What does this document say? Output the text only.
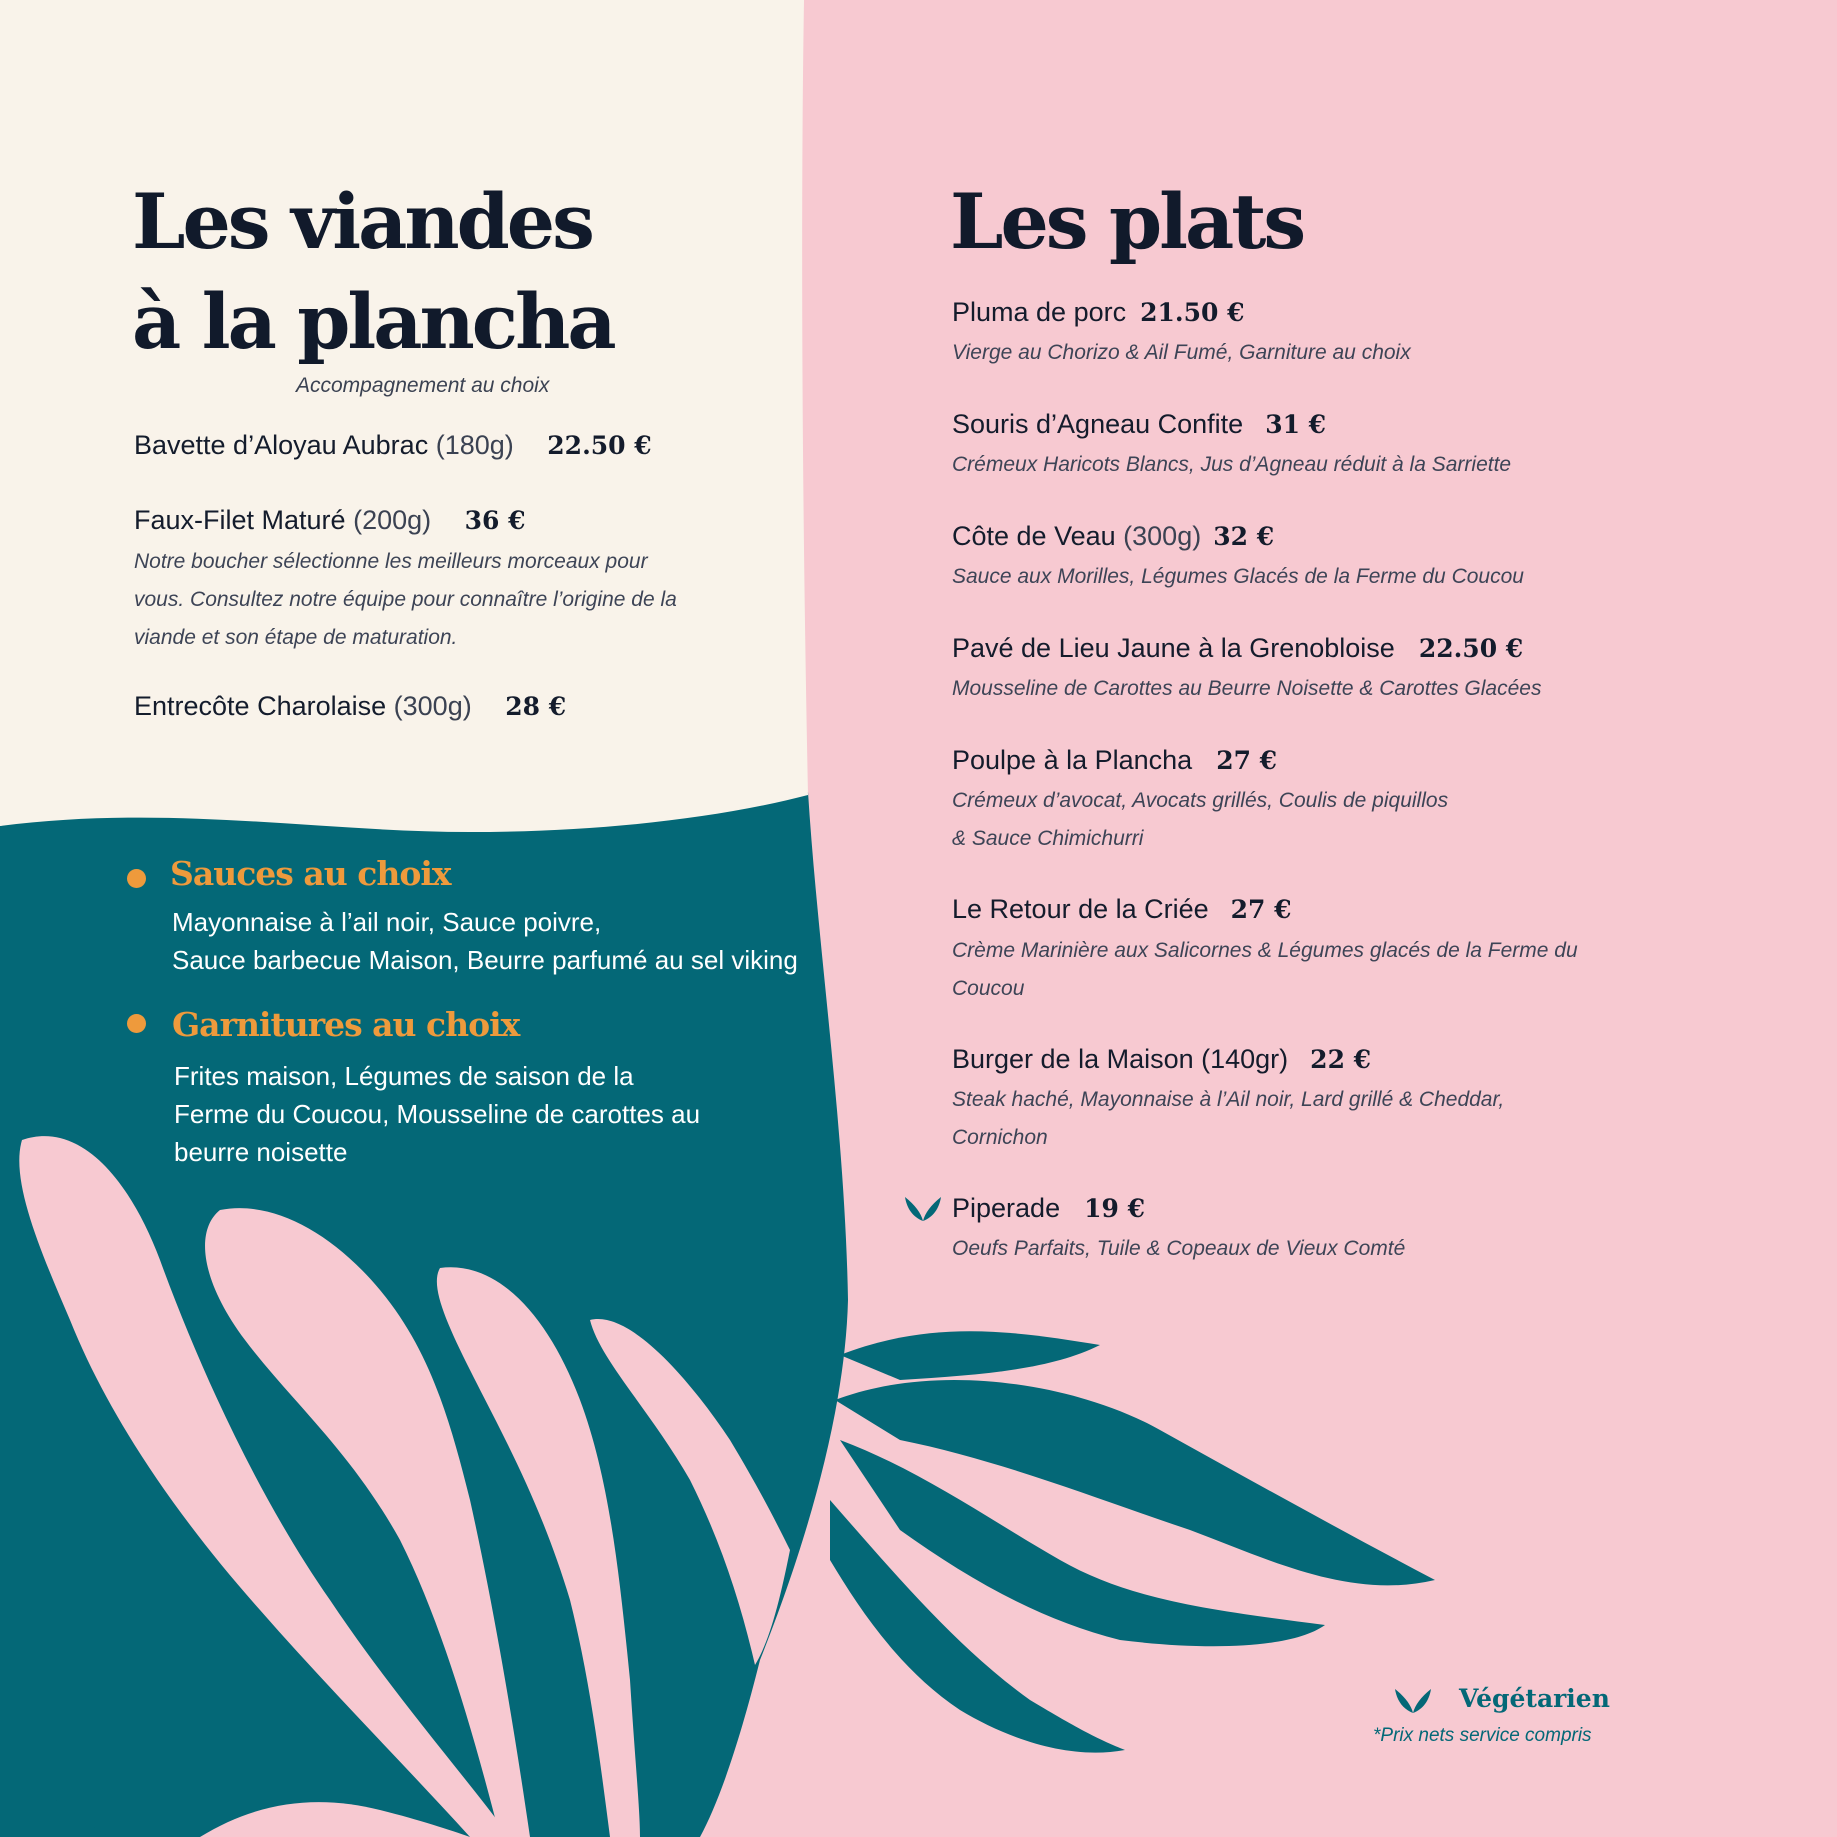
Les viandes
à la plancha
Accompagnement au choix
Bavette d’Aloyau Aubrac (180g) 22.50 €
Faux-Filet Maturé (200g) 36 €
Notre boucher sélectionne les meilleurs morceaux pour vous. Consultez notre équipe pour connaître l’origine de la viande et son étape de maturation.
Entrecôte Charolaise (300g) 28 €
Sauces au choix
Mayonnaise à l’ail noir, Sauce poivre,
Sauce barbecue Maison, Beurre parfumé au sel viking
Garnitures au choix
Frites maison, Légumes de saison de la
Ferme du Coucou, Mousseline de carottes au
beurre noisette
Les plats
Pluma de porc 21.50 €
Vierge au Chorizo & Ail Fumé, Garniture au choix
Souris d’Agneau Confite 31 €
Crémeux Haricots Blancs, Jus d’Agneau réduit à la Sarriette
Côte de Veau (300g) 32 €
Sauce aux Morilles, Légumes Glacés de la Ferme du Coucou
Pavé de Lieu Jaune à la Grenobloise 22.50 €
Mousseline de Carottes au Beurre Noisette & Carottes Glacées
Poulpe à la Plancha 27 €
Crémeux d’avocat, Avocats grillés, Coulis de piquillos
& Sauce Chimichurri
Le Retour de la Criée 27 €
Crème Marinière aux Salicornes & Légumes glacés de la Ferme du
Coucou
Burger de la Maison (140gr) 22 €
Steak haché, Mayonnaise à l’Ail noir, Lard grillé & Cheddar,
Cornichon
Piperade 19 €
Oeufs Parfaits, Tuile & Copeaux de Vieux Comté
Végétarien
*Prix nets service compris
